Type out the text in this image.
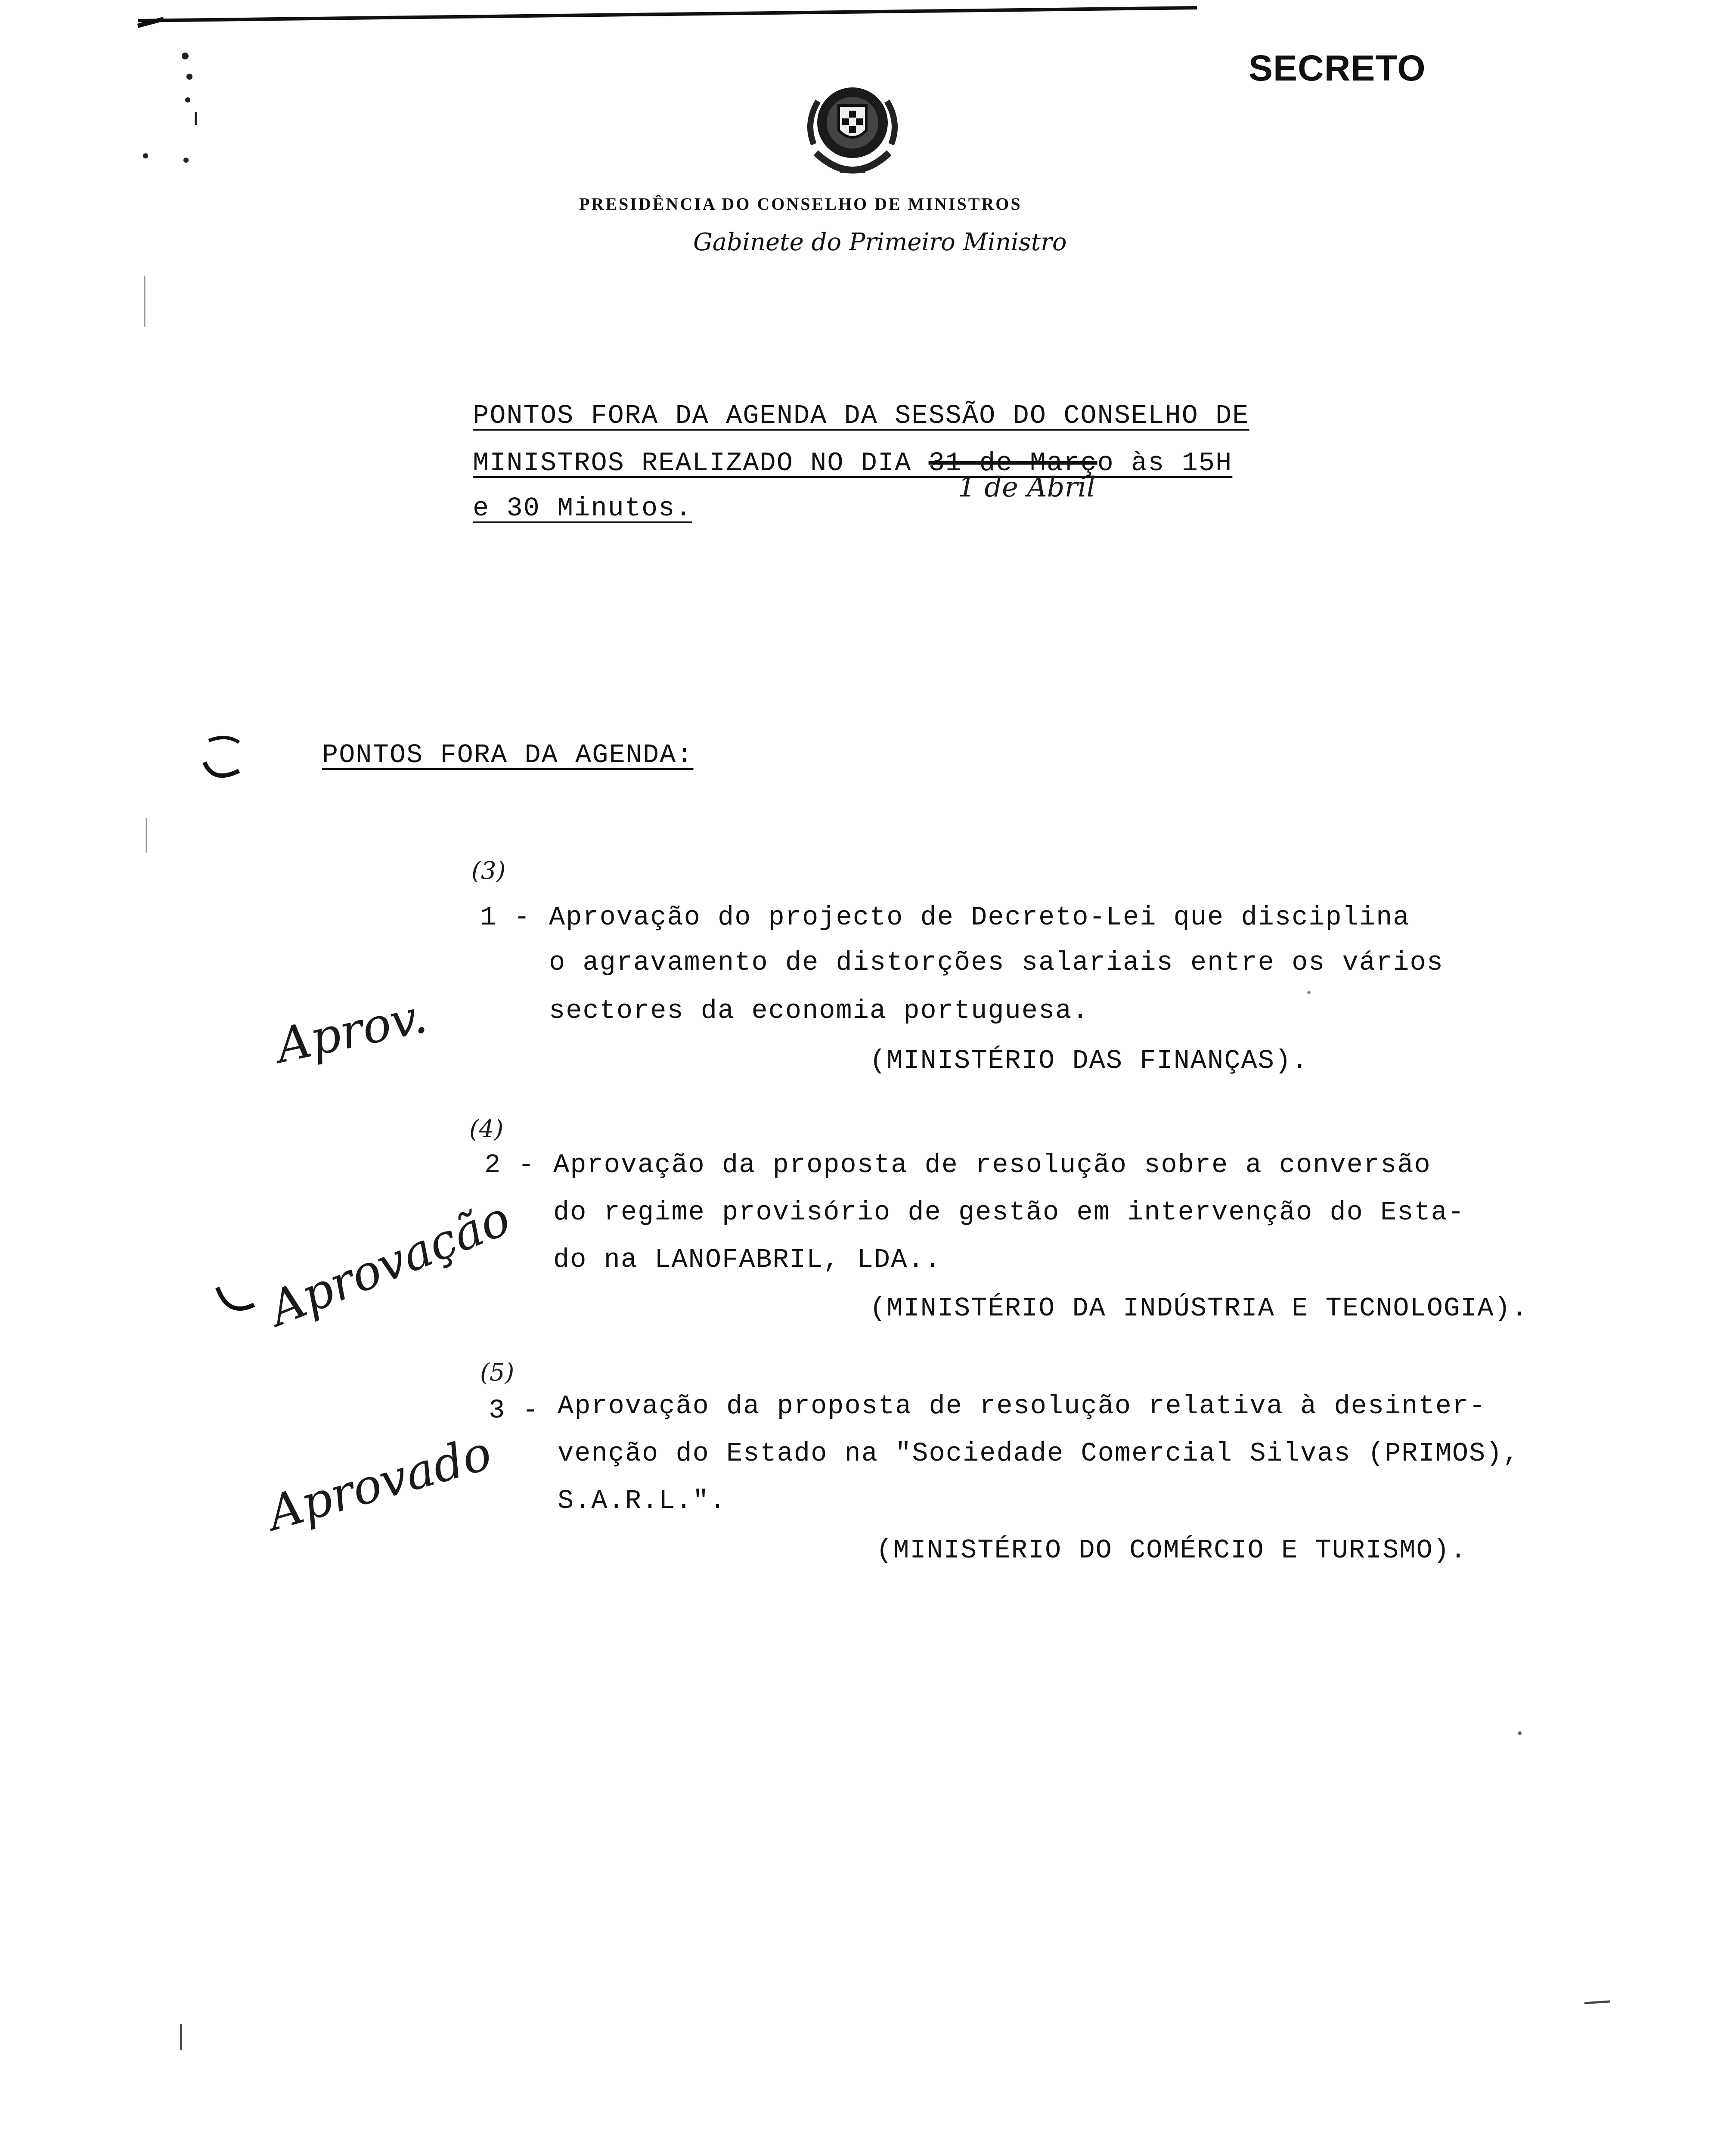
SECRETO
PRESIDÊNCIA DO CONSELHO DE MINISTROS
Gabinete do Primeiro Ministro
PONTOS FORA DA AGENDA DA SESSÃO DO CONSELHO DE
MINISTROS REALIZADO NO DIA 31 de Março às 15H
e 30 Minutos.
1 de Abril
PONTOS FORA DA AGENDA:
(3)
1 - Aprovação do projecto de Decreto-Lei que disciplina
o agravamento de distorções salariais entre os vários
sectores da economia portuguesa.
(MINISTÉRIO DAS FINANÇAS).
Aprov.
(4)
2 - Aprovação da proposta de resolução sobre a conversão
do regime provisório de gestão em intervenção do Esta-
do na LANOFABRIL, LDA..
(MINISTÉRIO DA INDÚSTRIA E TECNOLOGIA).
Aprovação
(5)
3 - Aprovação da proposta de resolução relativa à desinter-
venção do Estado na "Sociedade Comercial Silvas (PRIMOS),
S.A.R.L.".
(MINISTÉRIO DO COMÉRCIO E TURISMO).
Aprovado
